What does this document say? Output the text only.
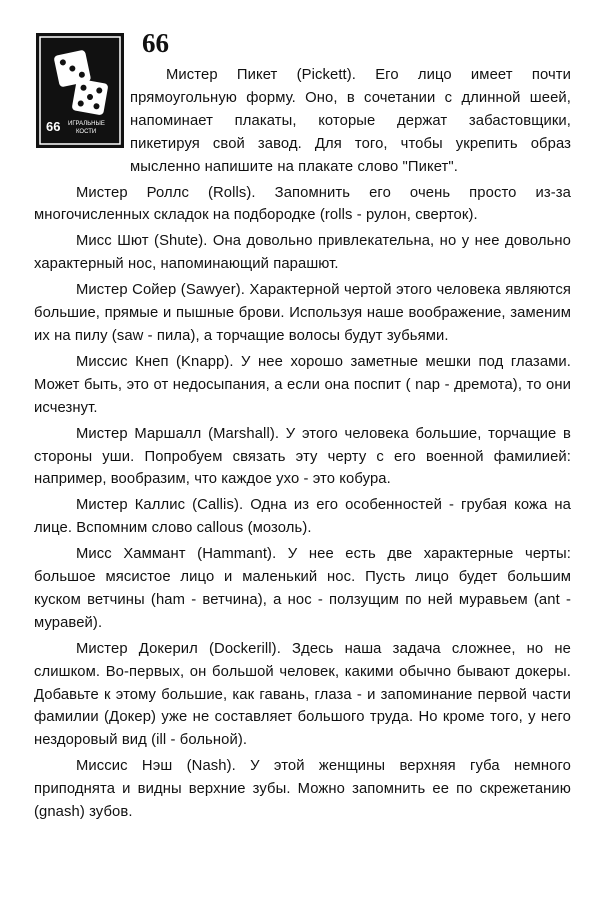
66
66 ИГРАЛЬНЫЕ
КОСТИ

Мистер Пикет (Pickett). Его лицо имеет почти прямоугольную форму. Оно, в сочетании с длинной шеей, напоминает плакаты, которые держат забастовщики, пикетируя свой завод. Для того, чтобы укрепить образ мысленно напишите на плакате слово "Пикет".

Мистер Роллс (Rolls). Запомнить его очень просто из-за многочисленных складок на подбородке (rolls - рулон, сверток).

Мисс Шют (Shute). Она довольно привлекательна, но у нее довольно характерный нос, напоминающий парашют.

Мистер Сойер (Sawyer). Характерной чертой этого человека являются большие, прямые и пышные брови. Используя наше воображение, заменим их на пилу (saw - пила), а торчащие волосы будут зубьями.

Миссис Кнеп (Knapp). У нее хорошо заметные мешки под глазами. Может быть, это от недосыпания, а если она поспит ( nap - дремота), то они исчезнут.

Мистер Маршалл (Marshall). У этого человека большие, торчащие в стороны уши. Попробуем связать эту черту с его военной фамилией: например, вообразим, что каждое ухо - это кобура.

Мистер Каллис (Callis). Одна из его особенностей - грубая кожа на лице. Вспомним слово callous (мозоль).

Мисс Хаммант (Hammant). У нее есть две характерные черты: большое мясистое лицо и маленький нос. Пусть лицо будет большим куском ветчины (ham - ветчина), а нос - ползущим по ней муравьем (ant - муравей).

Мистер Докерил (Dockerill). Здесь наша задача сложнее, но не слишком. Во-первых, он большой человек, какими обычно бывают докеры. Добавьте к этому большие, как гавань, глаза - и запоминание первой части фамилии (Докер) уже не составляет большого труда. Но кроме того, у него нездоровый вид (ill - больной).

Миссис Нэш (Nash). У этой женщины верхняя губа немного приподнята и видны верхние зубы. Можно запомнить ее по скрежетанию (gnash) зубов.
